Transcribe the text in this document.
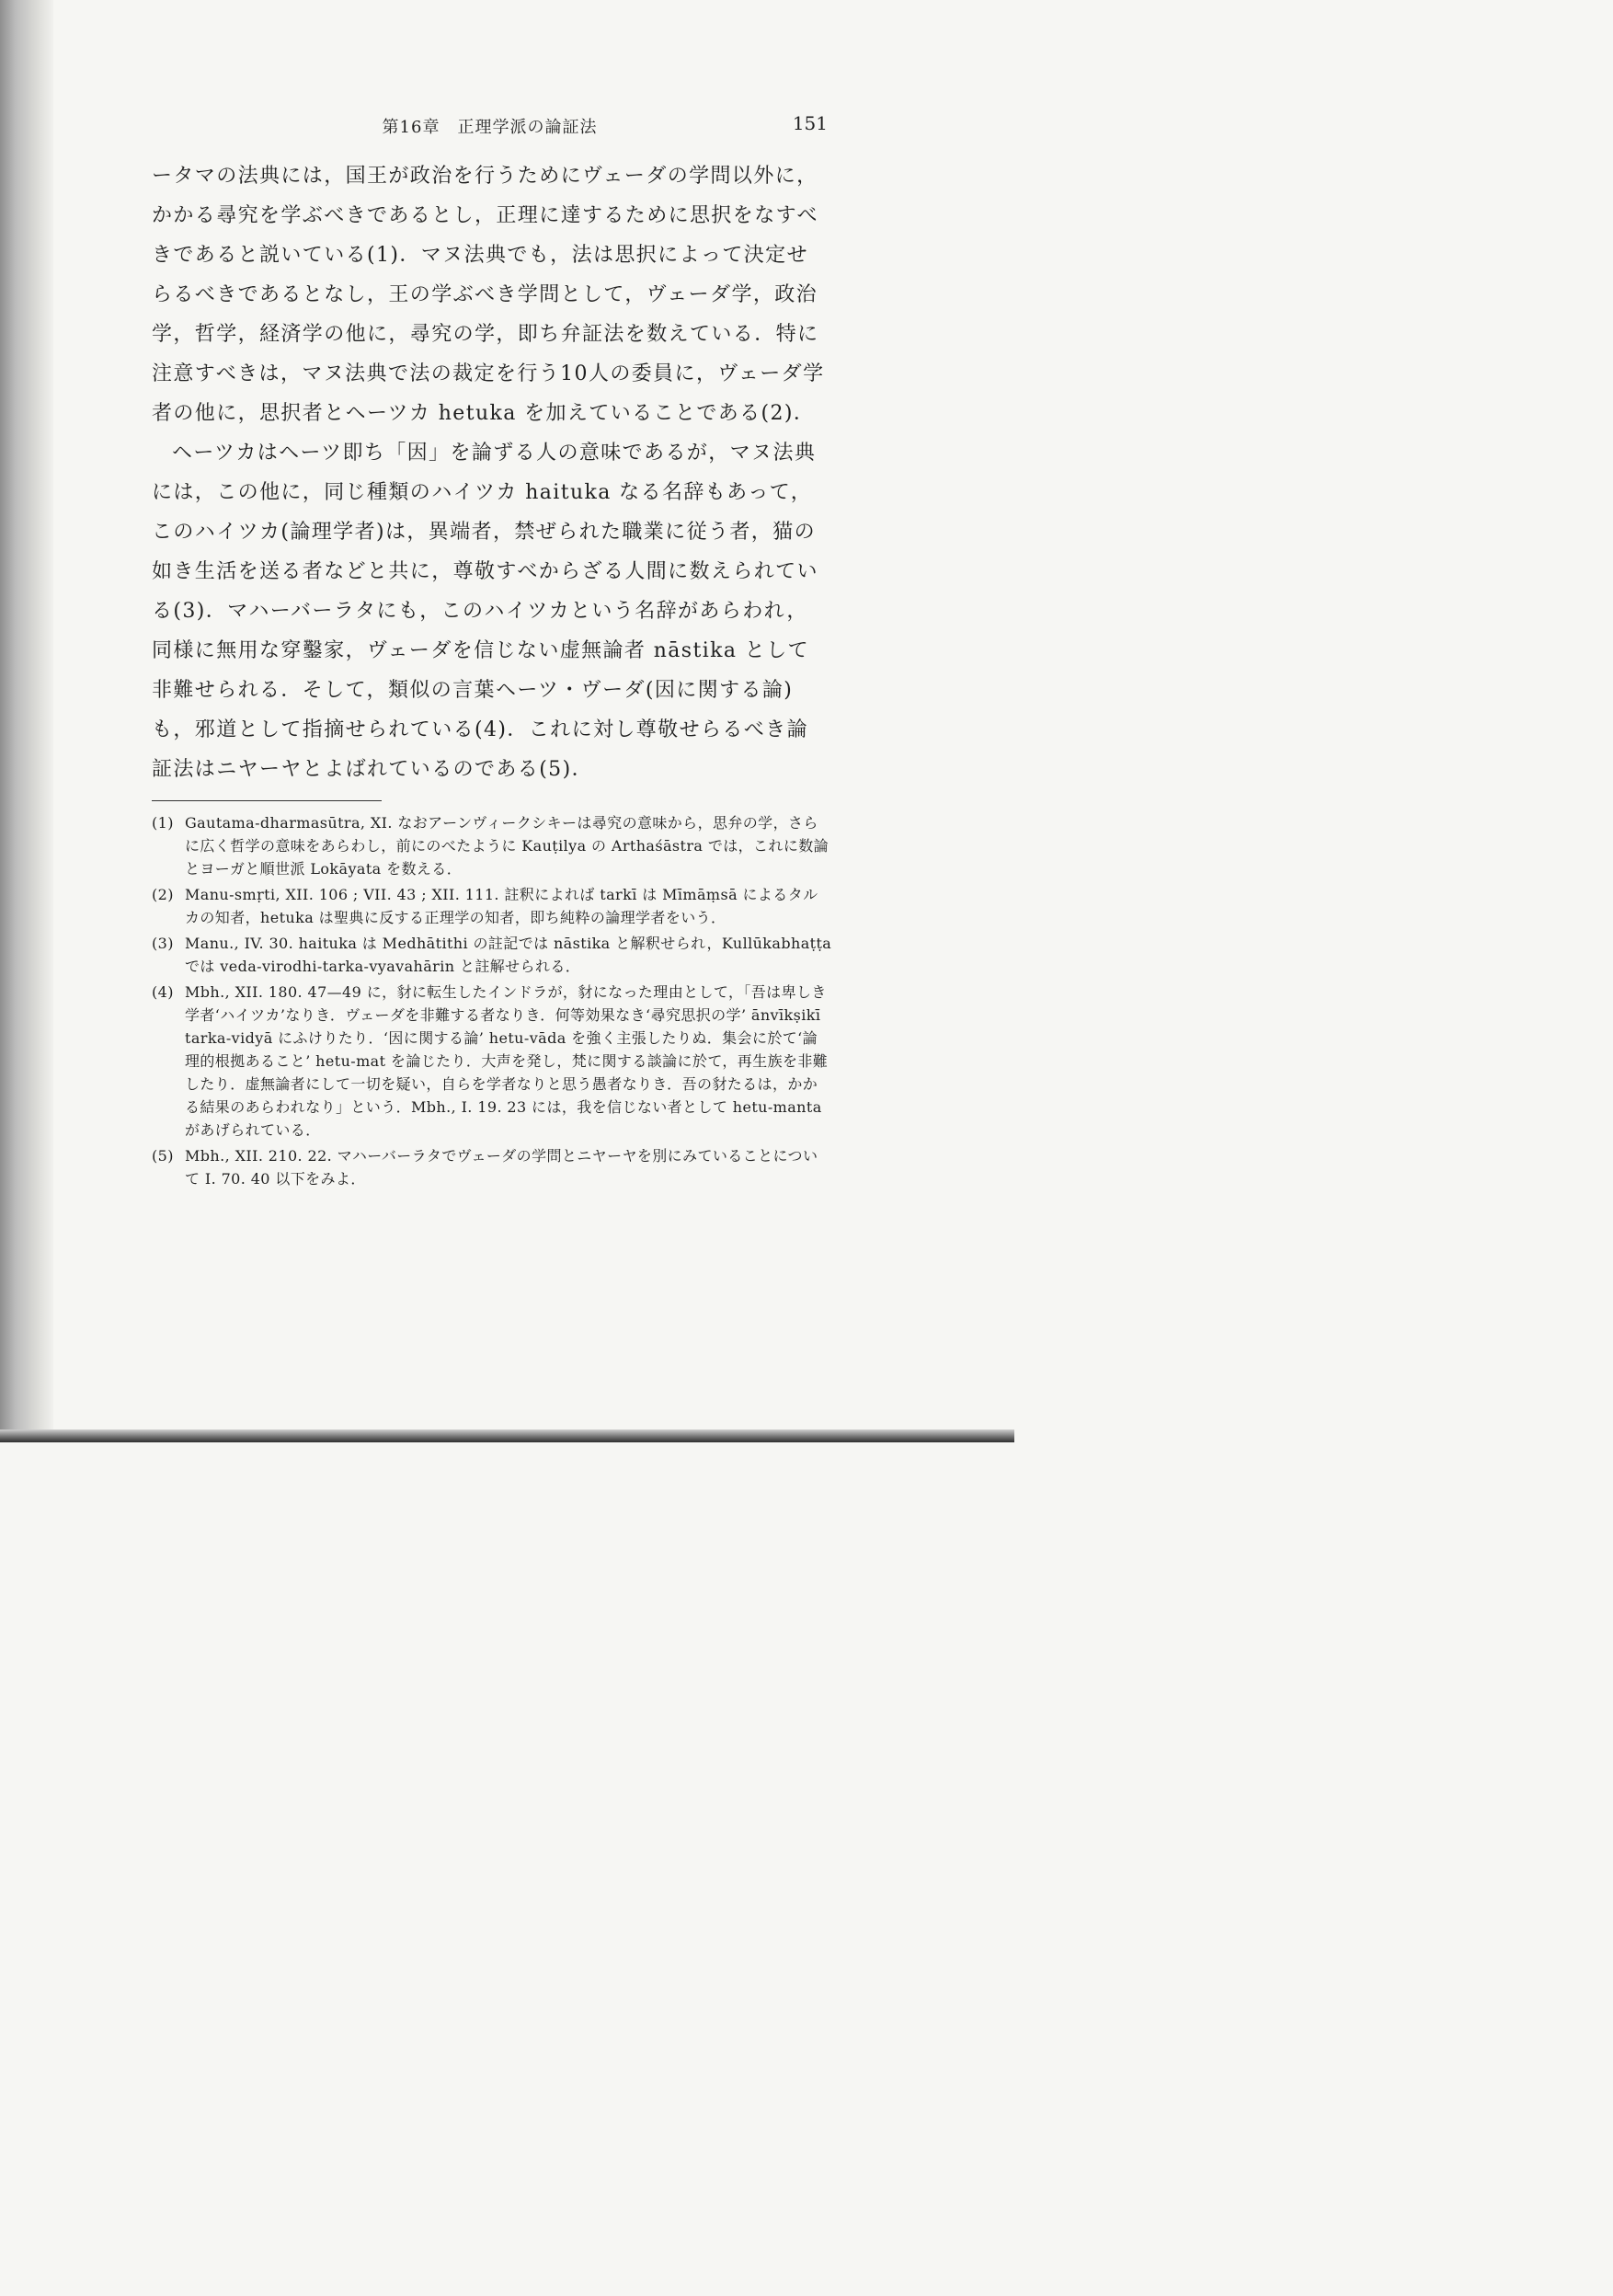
第16章　正理学派の論証法	151

ータマの法典には，国王が政治を行うためにヴェーダの学問以外に，かかる尋究を学ぶべきであるとし，正理に達するために思択をなすべきであると説いている(1)．マヌ法典でも，法は思択によって決定せらるべきであるとなし，王の学ぶべき学問として，ヴェーダ学，政治学，哲学，経済学の他に，尋究の学，即ち弁証法を数えている．特に注意すべきは，マヌ法典で法の裁定を行う10人の委員に，ヴェーダ学者の他に，思択者とヘーツカ hetuka を加えていることである(2)．

ヘーツカはヘーツ即ち「因」を論ずる人の意味であるが，マヌ法典には，この他に，同じ種類のハイツカ haituka なる名辞もあって，このハイツカ(論理学者)は，異端者，禁ぜられた職業に従う者，猫の如き生活を送る者などと共に，尊敬すべからざる人間に数えられている(3)．マハーバーラタにも，このハイツカという名辞があらわれ，同様に無用な穿鑿家，ヴェーダを信じない虚無論者 nāstika として非難せられる．そして，類似の言葉ヘーツ・ヴーダ(因に関する論)も，邪道として指摘せられている(4)．これに対し尊敬せらるべき論証法はニヤーヤとよばれているのである(5)．

(1) Gautama-dharmasūtra, XI. なおアーンヴィークシキーは尋究の意味から，思弁の学，さらに広く哲学の意味をあらわし，前にのべたように Kauṭilya の Arthaśāstra では，これに数論とヨーガと順世派 Lokāyata を数える．
(2) Manu-smṛti, XII. 106 ; VII. 43 ; XII. 111. 註釈によれば tarkī は Mīmāṃsā によるタルカの知者，hetuka は聖典に反する正理学の知者，即ち純粋の論理学者をいう．
(3) Manu., IV. 30. haituka は Medhātithi の註記では nāstika と解釈せられ，Kullūkabhaṭṭa では veda-virodhi-tarka-vyavahārin と註解せられる．
(4) Mbh., XII. 180. 47—49 に，豺に転生したインドラが，豺になった理由として，「吾は卑しき学者‘ハイツカ’なりき．ヴェーダを非難する者なりき．何等効果なき‘尋究思択の学’ ānvīkṣikī tarka-vidyā にふけりたり．‘因に関する論’ hetu-vāda を強く主張したりぬ．集会に於て‘論理的根拠あること’ hetu-mat を論じたり．大声を発し，梵に関する談論に於て，再生族を非難したり．虚無論者にして一切を疑い，自らを学者なりと思う愚者なりき．吾の豺たるは，かかる結果のあらわれなり」という．Mbh., I. 19. 23 には，我を信じない者として hetu-manta があげられている．
(5) Mbh., XII. 210. 22. マハーバーラタでヴェーダの学問とニヤーヤを別にみていることについて I. 70. 40 以下をみよ．
